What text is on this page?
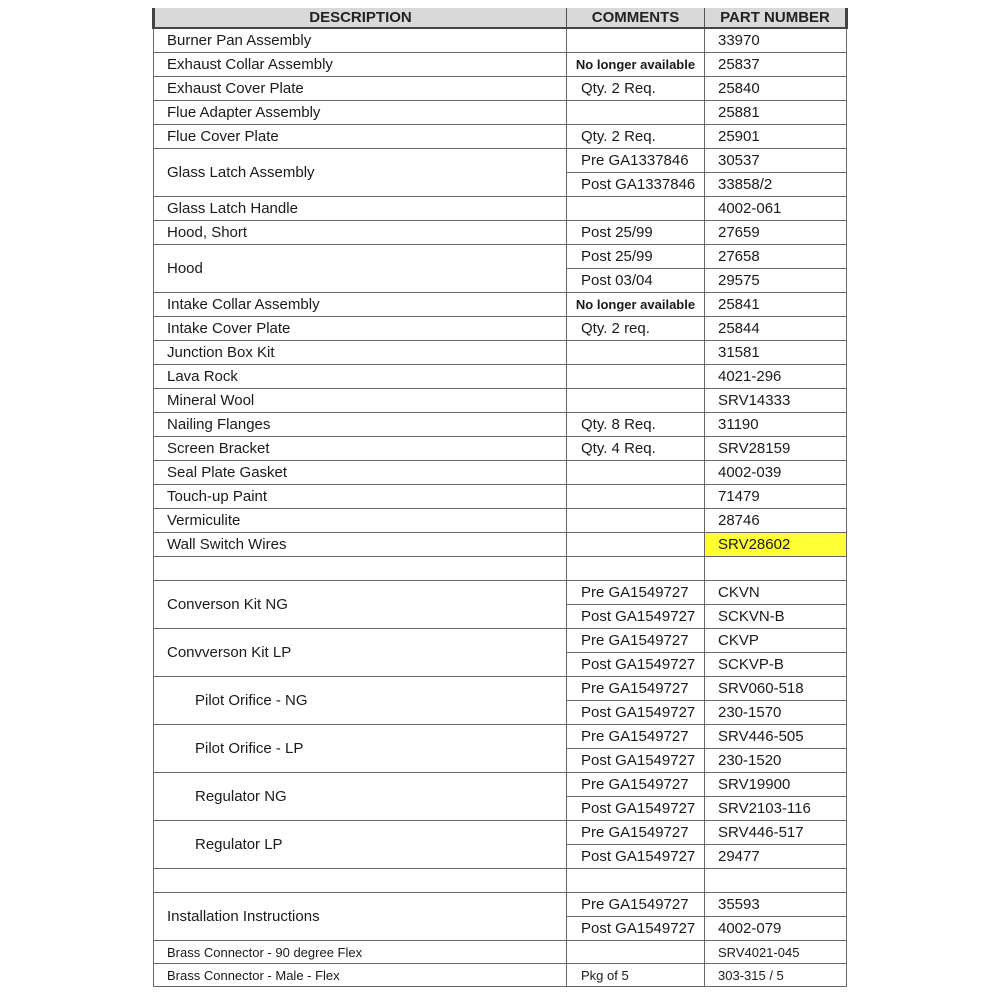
DESCRIPTION	COMMENTS	PART NUMBER
Burner Pan Assembly		33970
Exhaust Collar Assembly	No longer available	25837
Exhaust Cover Plate	Qty. 2 Req.	25840
Flue Adapter Assembly		25881
Flue Cover Plate	Qty. 2 Req.	25901
Glass Latch Assembly	Pre GA1337846	30537
	Post GA1337846	33858/2
Glass Latch Handle		4002-061
Hood, Short	Post 25/99	27659
Hood	Post 25/99	27658
	Post 03/04	29575
Intake Collar Assembly	No longer available	25841
Intake Cover Plate	Qty. 2 req.	25844
Junction Box Kit		31581
Lava Rock		4021-296
Mineral Wool		SRV14333
Nailing Flanges	Qty. 8 Req.	31190
Screen Bracket	Qty. 4 Req.	SRV28159
Seal Plate Gasket		4002-039
Touch-up Paint		71479
Vermiculite		28746
Wall Switch Wires		SRV28602

Converson Kit NG	Pre GA1549727	CKVN
	Post GA1549727	SCKVN-B
Convverson Kit LP	Pre GA1549727	CKVP
	Post GA1549727	SCKVP-B
Pilot Orifice - NG	Pre GA1549727	SRV060-518
	Post GA1549727	230-1570
Pilot Orifice - LP	Pre GA1549727	SRV446-505
	Post GA1549727	230-1520
Regulator NG	Pre GA1549727	SRV19900
	Post GA1549727	SRV2103-116
Regulator LP	Pre GA1549727	SRV446-517
	Post GA1549727	29477

Installation Instructions	Pre GA1549727	35593
	Post GA1549727	4002-079
Brass Connector - 90 degree Flex		SRV4021-045
Brass Connector - Male - Flex	Pkg of 5	303-315 / 5
